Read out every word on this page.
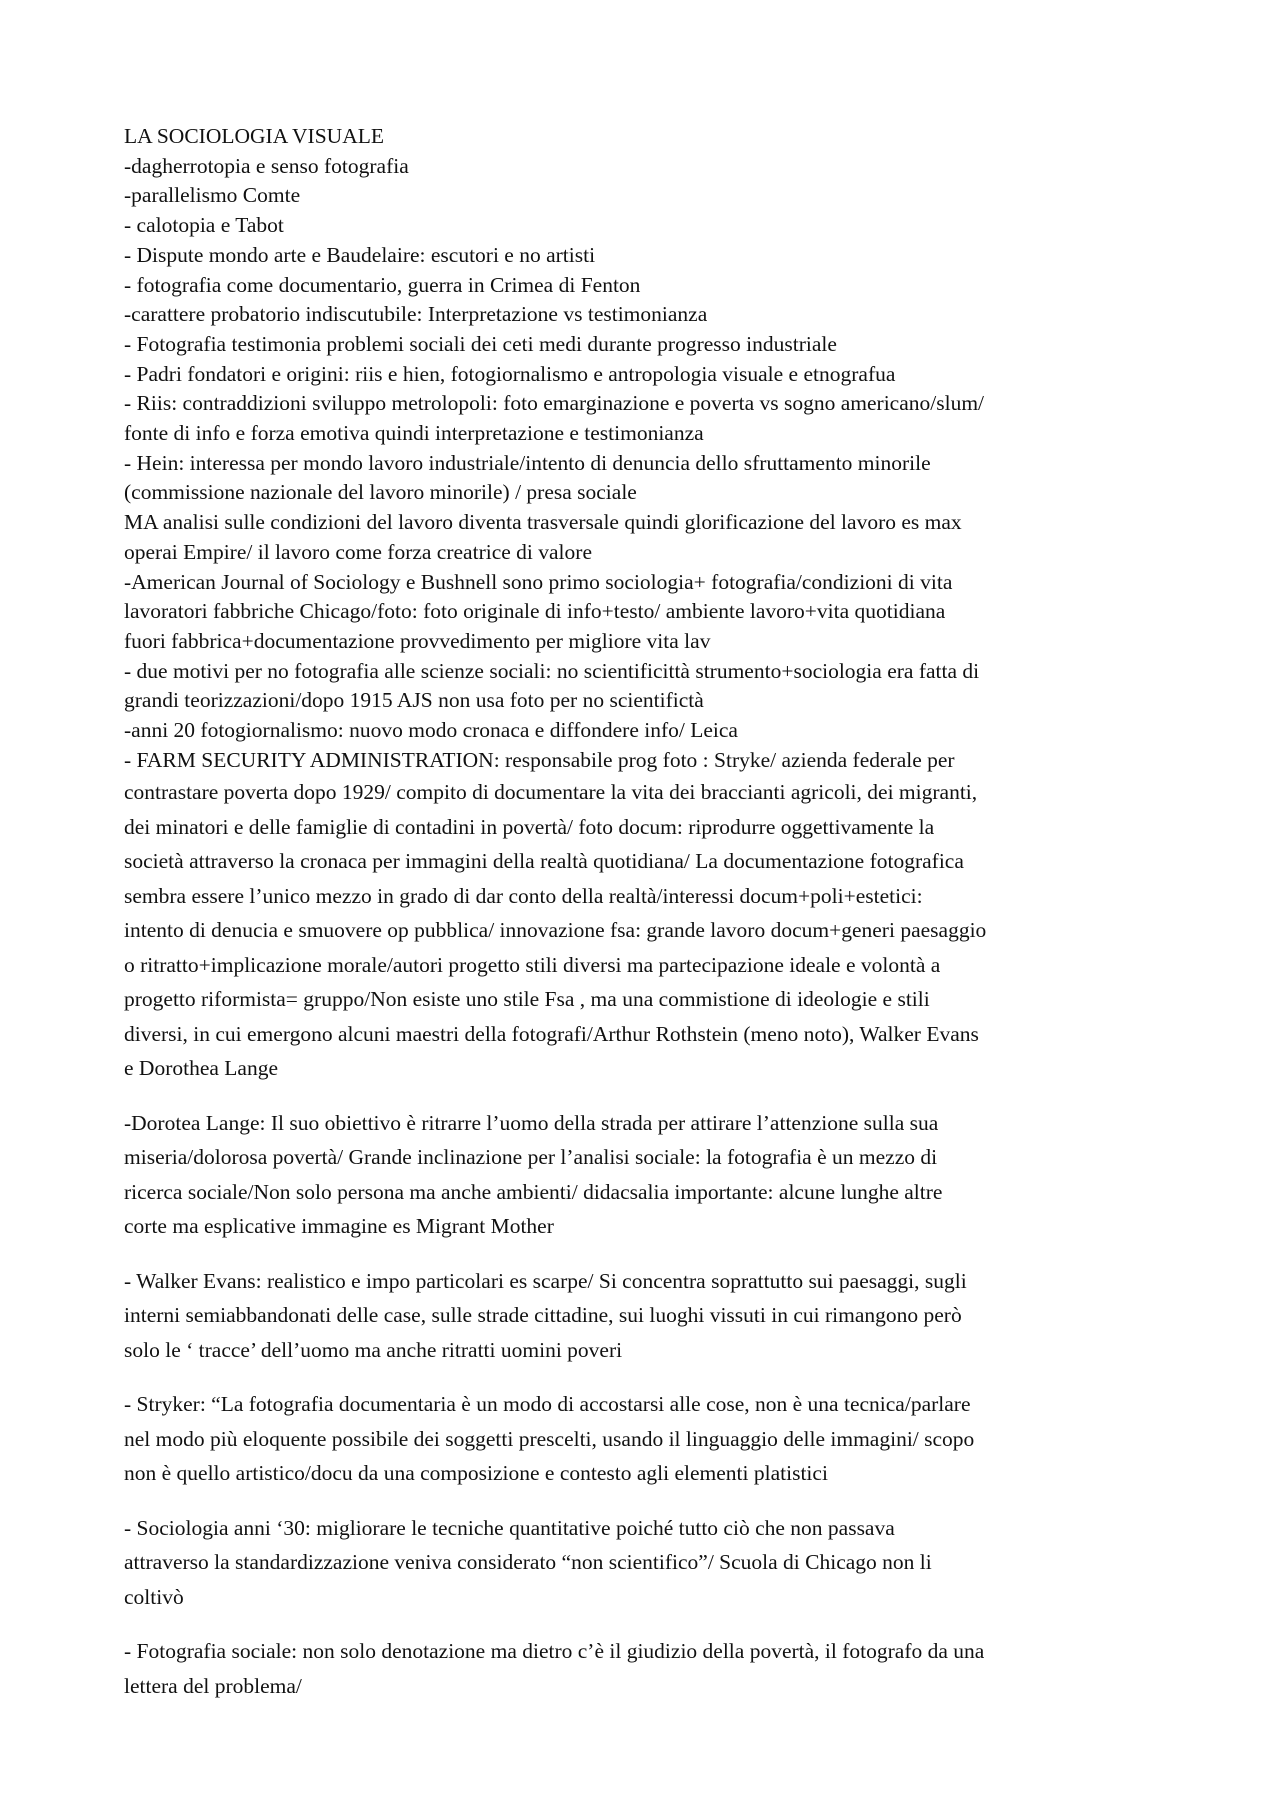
LA SOCIOLOGIA VISUALE
-dagherrotopia e senso fotografia
-parallelismo Comte
- calotopia e Tabot
- Dispute mondo arte e Baudelaire: escutori e no artisti
- fotografia come documentario, guerra in Crimea di Fenton
-carattere probatorio indiscutubile: Interpretazione vs testimonianza
- Fotografia testimonia problemi sociali dei ceti medi durante progresso industriale
- Padri fondatori e origini: riis e hien, fotogiornalismo e antropologia visuale e etnografua
- Riis: contraddizioni sviluppo metrolopoli: foto emarginazione e poverta vs sogno americano/slum/
fonte di info e forza emotiva quindi interpretazione e testimonianza
- Hein: interessa per mondo lavoro industriale/intento di denuncia dello sfruttamento minorile
(commissione nazionale del lavoro minorile) / presa sociale
MA analisi sulle condizioni del lavoro diventa trasversale quindi glorificazione del lavoro es max
operai Empire/ il lavoro come forza creatrice di valore
-American Journal of Sociology e Bushnell sono primo sociologia+ fotografia/condizioni di vita
lavoratori fabbriche Chicago/foto: foto originale di info+testo/ ambiente lavoro+vita quotidiana
fuori fabbrica+documentazione provvedimento per migliore vita lav
- due motivi per no fotografia alle scienze sociali: no scientificittà strumento+sociologia era fatta di
grandi teorizzazioni/dopo 1915 AJS non usa foto per no scientifictà
-anni 20 fotogiornalismo: nuovo modo cronaca e diffondere info/ Leica
- FARM SECURITY ADMINISTRATION: responsabile prog foto : Stryke/ azienda federale per
contrastare poverta dopo 1929/ compito di documentare la vita dei braccianti agricoli, dei migranti,
dei minatori e delle famiglie di contadini in povertà/ foto docum: riprodurre oggettivamente la
società attraverso la cronaca per immagini della realtà quotidiana/ La documentazione fotografica
sembra essere l’unico mezzo in grado di dar conto della realtà/interessi docum+poli+estetici:
intento di denucia e smuovere op pubblica/ innovazione fsa: grande lavoro docum+generi paesaggio
o ritratto+implicazione morale/autori progetto stili diversi ma partecipazione ideale e volontà a
progetto riformista= gruppo/Non esiste uno stile Fsa , ma una commistione di ideologie e stili
diversi, in cui emergono alcuni maestri della fotografi/Arthur Rothstein (meno noto), Walker Evans
e Dorothea Lange
-Dorotea Lange: Il suo obiettivo è ritrarre l’uomo della strada per attirare l’attenzione sulla sua
miseria/dolorosa povertà/ Grande inclinazione per l’analisi sociale: la fotografia è un mezzo di
ricerca sociale/Non solo persona ma anche ambienti/ didacsalia importante: alcune lunghe altre
corte ma esplicative immagine es Migrant Mother
- Walker Evans: realistico e impo particolari es scarpe/ Si concentra soprattutto sui paesaggi, sugli
interni semiabbandonati delle case, sulle strade cittadine, sui luoghi vissuti in cui rimangono però
solo le ‘ tracce’ dell’uomo ma anche ritratti uomini poveri
- Stryker: “La fotografia documentaria è un modo di accostarsi alle cose, non è una tecnica/parlare
nel modo più eloquente possibile dei soggetti prescelti, usando il linguaggio delle immagini/ scopo
non è quello artistico/docu da una composizione e contesto agli elementi platistici
- Sociologia anni ‘30: migliorare le tecniche quantitative poiché tutto ciò che non passava
attraverso la standardizzazione veniva considerato “non scientifico”/ Scuola di Chicago non li
coltivò
- Fotografia sociale: non solo denotazione ma dietro c’è il giudizio della povertà, il fotografo da una
lettera del problema/
